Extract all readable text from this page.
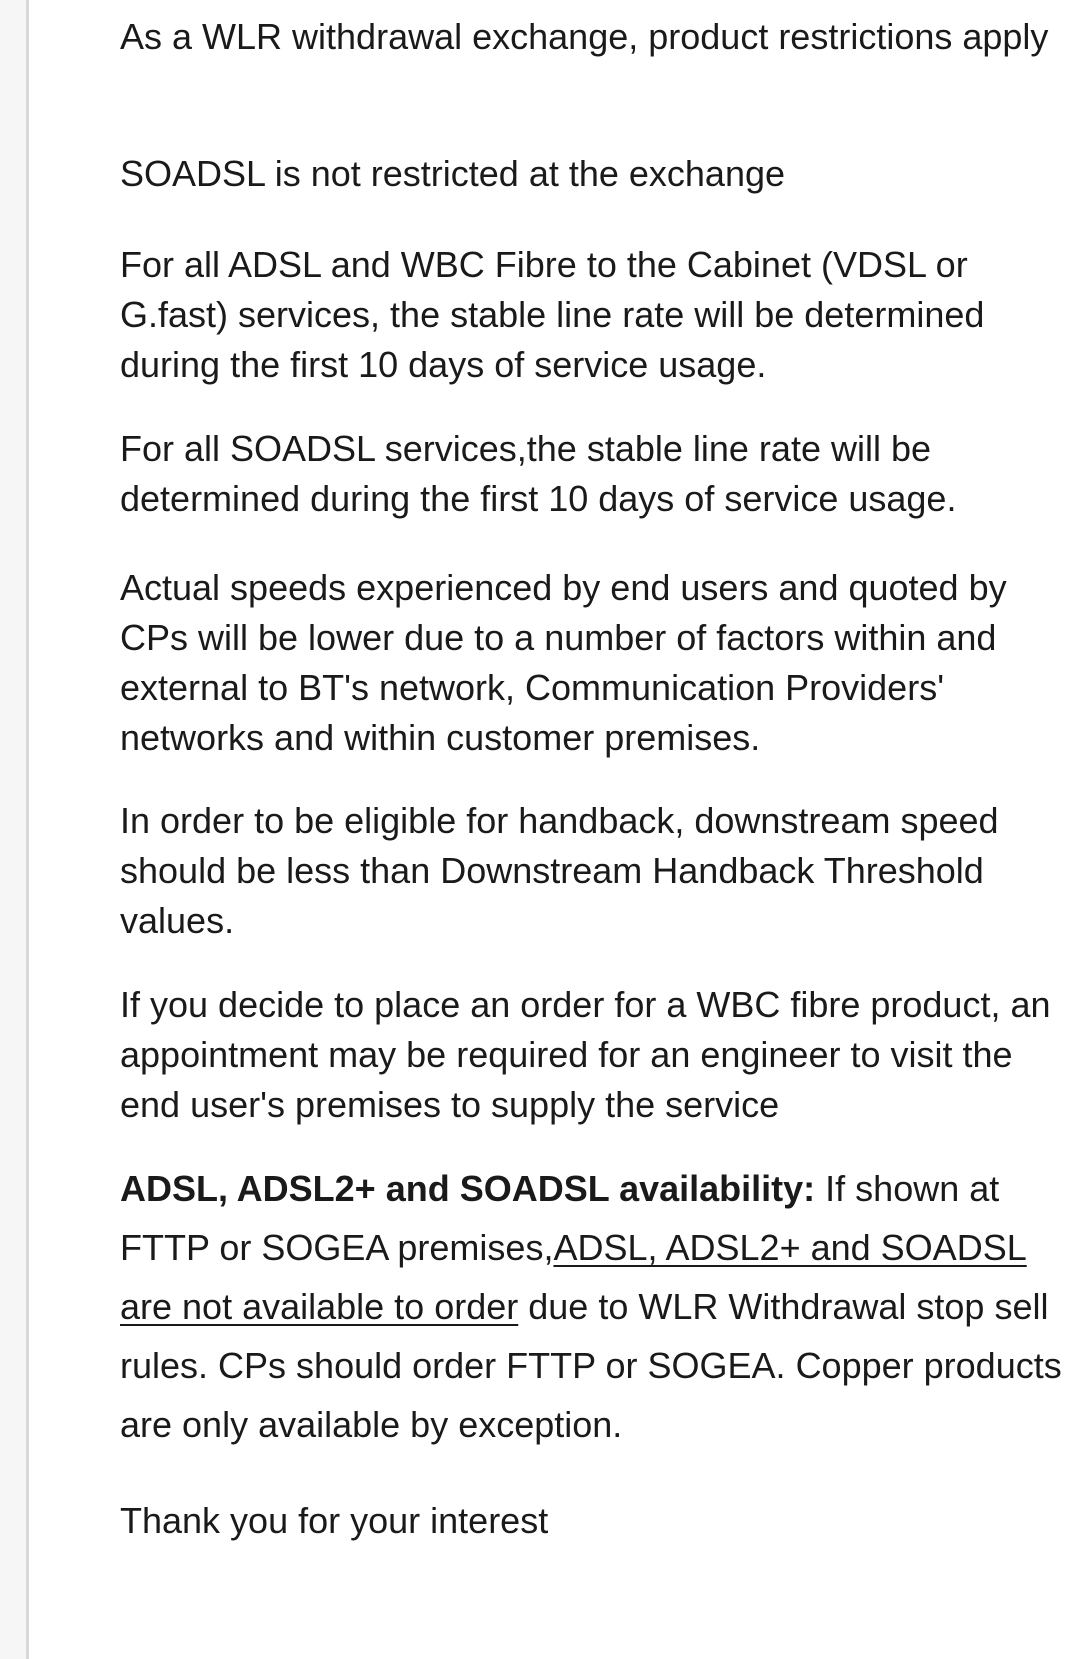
As a WLR withdrawal exchange, product restrictions apply

SOADSL is not restricted at the exchange

For all ADSL and WBC Fibre to the Cabinet (VDSL or G.fast) services, the stable line rate will be determined during the first 10 days of service usage.

For all SOADSL services,the stable line rate will be determined during the first 10 days of service usage.

Actual speeds experienced by end users and quoted by CPs will be lower due to a number of factors within and external to BT's network, Communication Providers' networks and within customer premises.

In order to be eligible for handback, downstream speed should be less than Downstream Handback Threshold values.

If you decide to place an order for a WBC fibre product, an appointment may be required for an engineer to visit the end user's premises to supply the service

ADSL, ADSL2+ and SOADSL availability: If shown at FTTP or SOGEA premises,ADSL, ADSL2+ and SOADSL are not available to order due to WLR Withdrawal stop sell rules. CPs should order FTTP or SOGEA. Copper products are only available by exception.

Thank you for your interest
